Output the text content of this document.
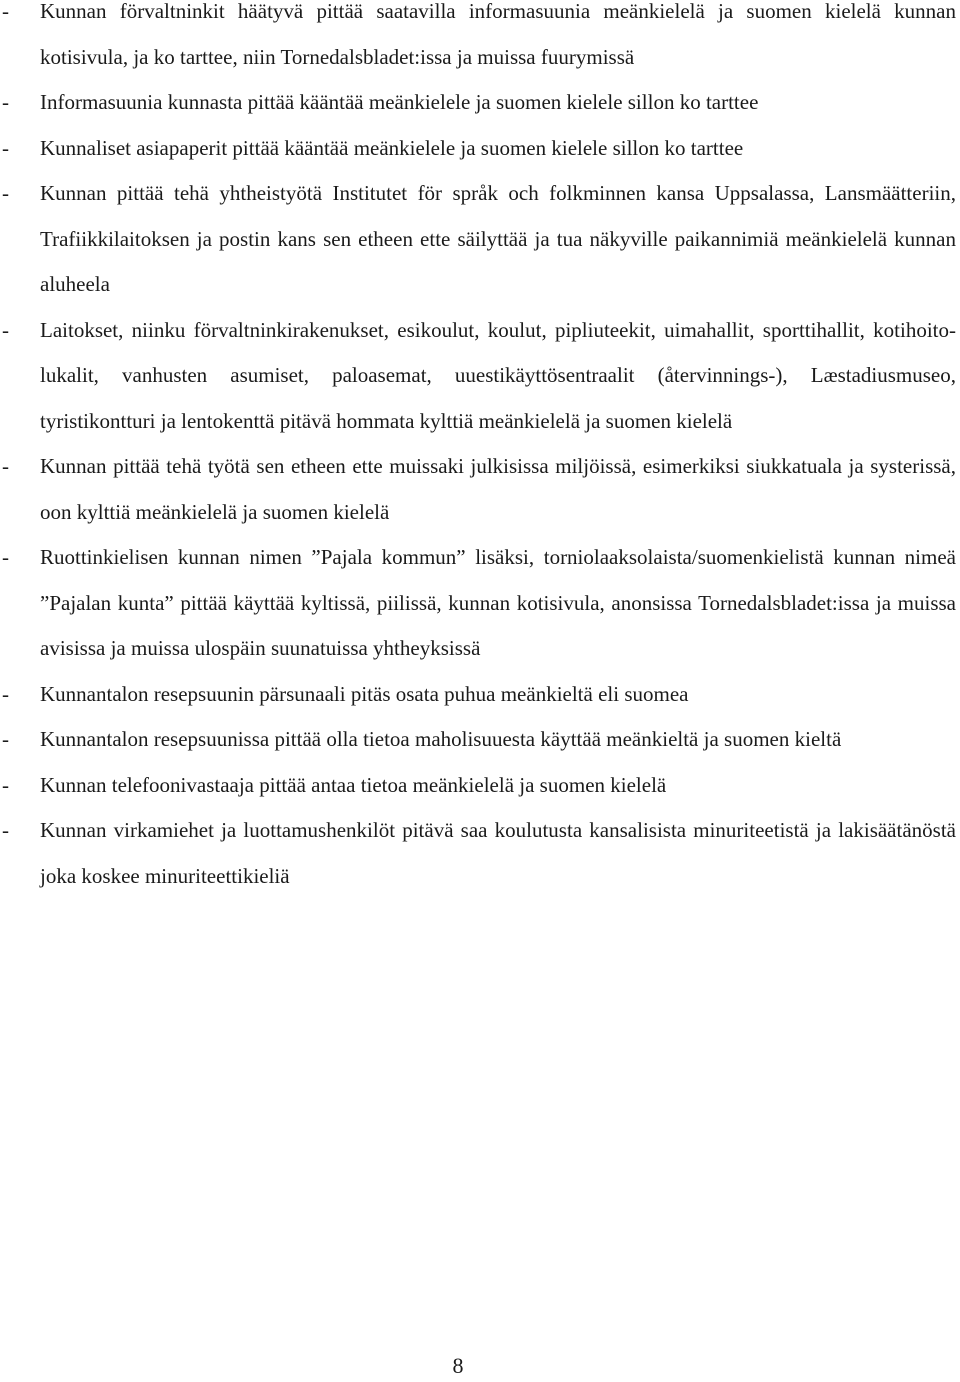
-	Kunnan förvaltninkit häätyvä pittää saatavilla informasuunia meänkielelä ja suomen kielelä kunnan kotisivula, ja ko tarttee, niin Tornedalsbladet:issa ja muissa fuurymissä
-	Informasuunia kunnasta pittää kääntää meänkielele ja suomen kielele sillon ko tarttee
-	Kunnaliset asiapaperit pittää kääntää meänkielele ja suomen kielele sillon ko tarttee
-	Kunnan pittää tehä yhtheistyötä Institutet för språk och folkminnen kansa Uppsalassa, Lansmäätteriin, Trafiikkilaitoksen ja postin kans sen etheen ette säilyttää ja tua näkyville paikannimiä meänkielelä kunnan aluheela
-	Laitokset, niinku förvaltninkirakenukset, esikoulut, koulut, pipliuteekit, uimahallit, sporttihallit, kotihoito-lukalit, vanhusten asumiset, paloasemat, uuestikäyttösentraalit (återvinnings-), Læstadiusmuseo, tyristikontturi ja lentokenttä pitävä hommata kylttiä meänkielelä ja suomen kielelä
-	Kunnan pittää tehä työtä sen etheen ette muissaki julkisissa miljöissä, esimerkiksi siukkatuala ja systerissä, oon kylttiä meänkielelä ja suomen kielelä
-	Ruottinkielisen kunnan nimen ”Pajala kommun” lisäksi, torniolaaksolaista/suomenkielistä kunnan nimeä ”Pajalan kunta” pittää käyttää kyltissä, piilissä, kunnan kotisivula, anonsissa Tornedalsbladet:issa ja muissa avisissa ja muissa ulospäin suunatuissa yhtheyksissä
-	Kunnantalon resepsuunin pärsunaali pitäs osata puhua meänkieltä eli suomea
-	Kunnantalon resepsuunissa pittää olla tietoa maholisuuesta käyttää meänkieltä ja suomen kieltä
-	Kunnan telefoonivastaaja pittää antaa tietoa meänkielelä ja suomen kielelä
-	Kunnan virkamiehet ja luottamushenkilöt pitävä saa koulutusta kansalisista minuriteetistä ja lakisäätänöstä joka koskee minuriteettikieliä
8
